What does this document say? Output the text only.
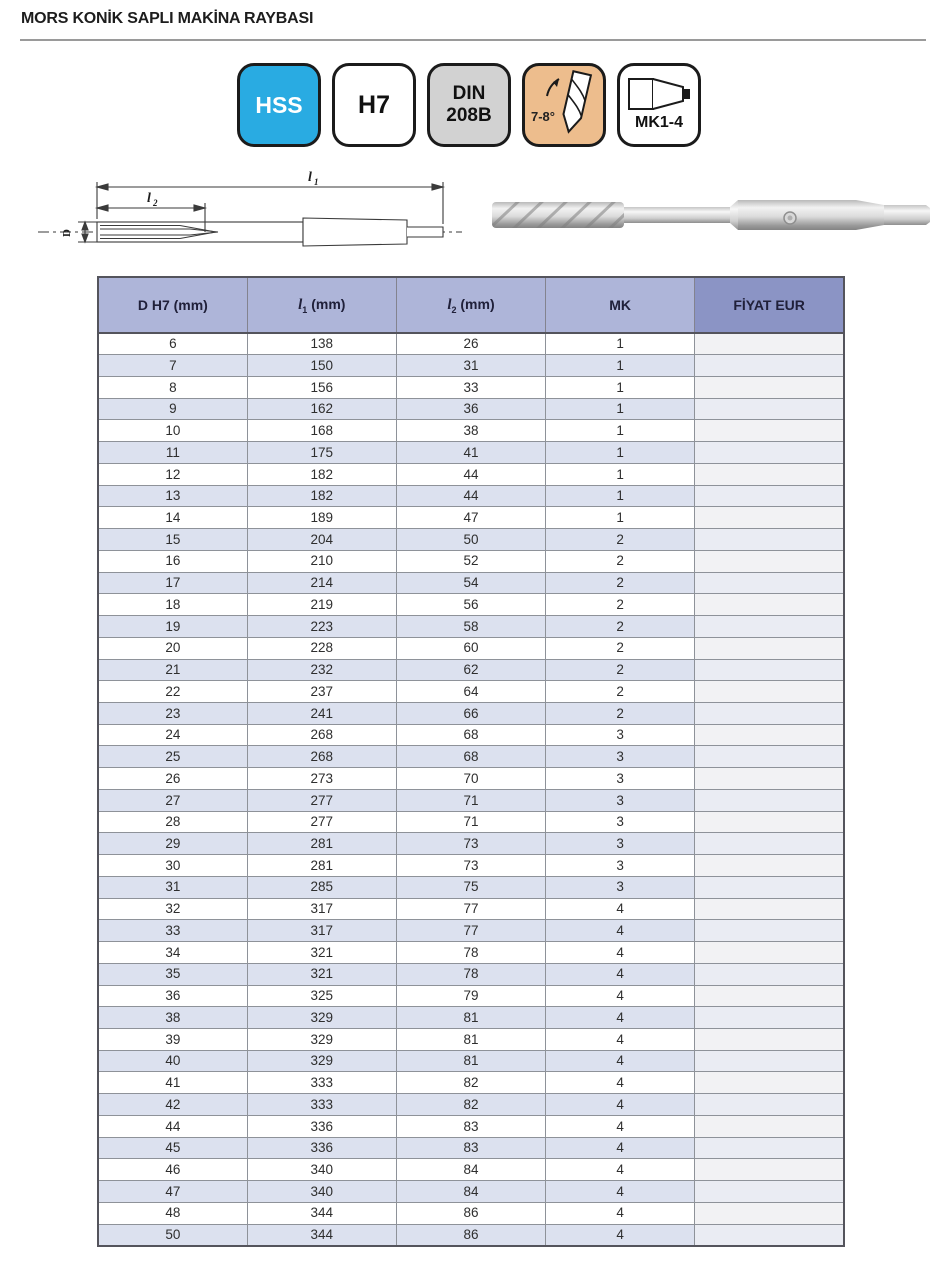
MORS KONİK SAPLI MAKİNA RAYBASI
HSS H7	DIN
208B	7-8°	MK1-4
l 1
l 2
D
D H7 (mm)	$l_1$ (mm)	$l_2$ (mm)	MK	FİYAT EUR
6	138	26	1	
7	150	31	1	
8	156	33	1	
9	162	36	1	
10	168	38	1	
11	175	41	1	
12	182	44	1	
13	182	44	1	
14	189	47	1	
15	204	50	2	
16	210	52	2	
17	214	54	2	
18	219	56	2	
19	223	58	2	
20	228	60	2	
21	232	62	2	
22	237	64	2	
23	241	66	2	
24	268	68	3	
25	268	68	3	
26	273	70	3	
27	277	71	3	
28	277	71	3	
29	281	73	3	
30	281	73	3	
31	285	75	3	
32	317	77	4	
33	317	77	4	
34	321	78	4	
35	321	78	4	
36	325	79	4	
38	329	81	4	
39	329	81	4	
40	329	81	4	
41	333	82	4	
42	333	82	4	
44	336	83	4	
45	336	83	4	
46	340	84	4	
47	340	84	4	
48	344	86	4	
50	344	86	4	
